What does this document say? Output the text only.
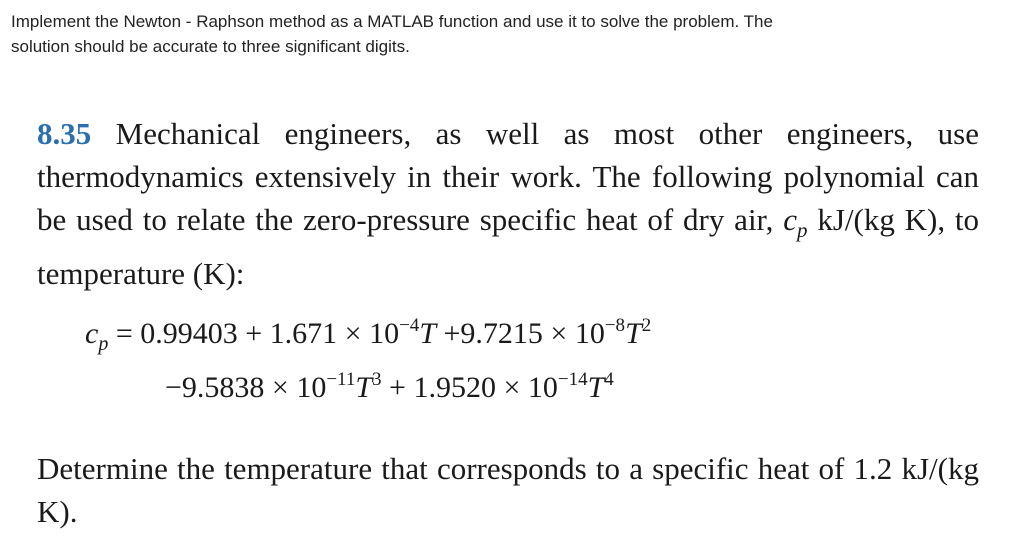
Implement the Newton - Raphson method as a MATLAB function and use it to solve the problem. The
solution should be accurate to three significant digits.

8.35 Mechanical engineers, as well as most other engineers, use thermodynamics extensively in their work. The following polynomial can be used to relate the zero-pressure specific heat of dry air, $c_p$ kJ/(kg K), to temperature (K):

$c_p = 0.99403 + 1.671 \times 10^{-4}T +9.7215 \times 10^{-8}T^2$
$-9.5838 \times 10^{-11}T^3 + 1.9520 \times 10^{-14}T^4$

Determine the temperature that corresponds to a specific heat of 1.2 kJ/(kg K).
